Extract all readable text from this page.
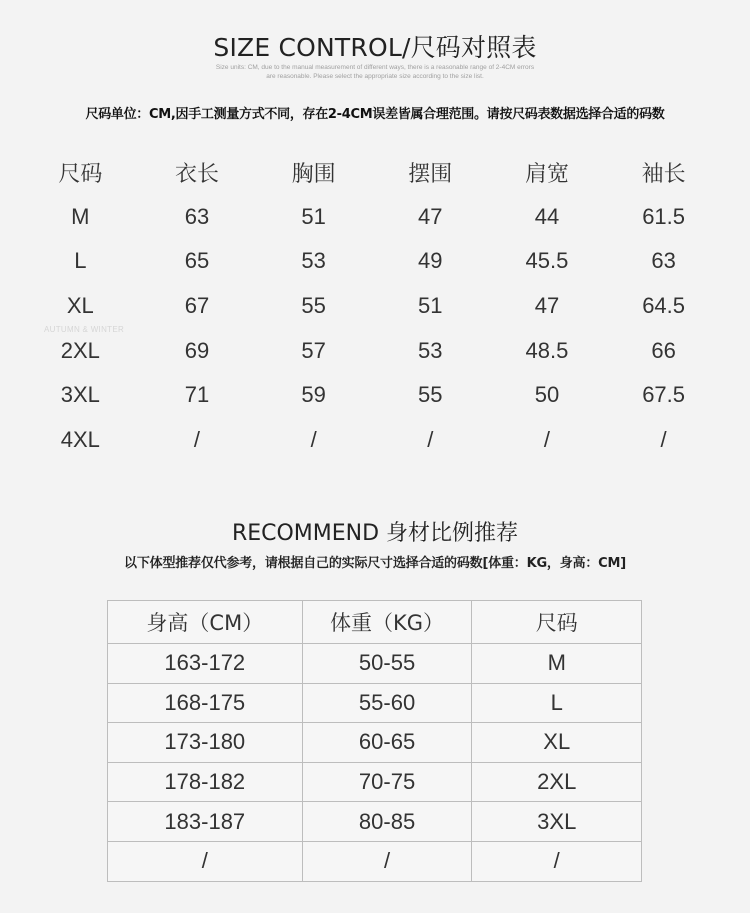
SIZE CONTROL/尺码对照表
Size units: CM, due to the manual measurement of different ways, there is a reasonable range of 2-4CM errors
are reasonable. Please select the appropriate size according to the size list.
尺码单位：CM,因手工测量方式不同，存在2-4CM误差皆属合理范围。请按尺码表数据选择合适的码数
尺码	衣长	胸围	摆围	肩宽	袖长
M	63	51	47	44	61.5
L	65	53	49	45.5	63
XL	67	55	51	47	64.5
2XL	69	57	53	48.5	66
3XL	71	59	55	50	67.5
4XL	/	/	/	/	/
AUTUMN & WINTER
RECOMMEND 身材比例推荐
以下体型推荐仅代参考，请根据自己的实际尺寸选择合适的码数[体重：KG，身高：CM]
身高（CM）	体重（KG）	尺码
163-172	50-55	M
168-175	55-60	L
173-180	60-65	XL
178-182	70-75	2XL
183-187	80-85	3XL
/	/	/
